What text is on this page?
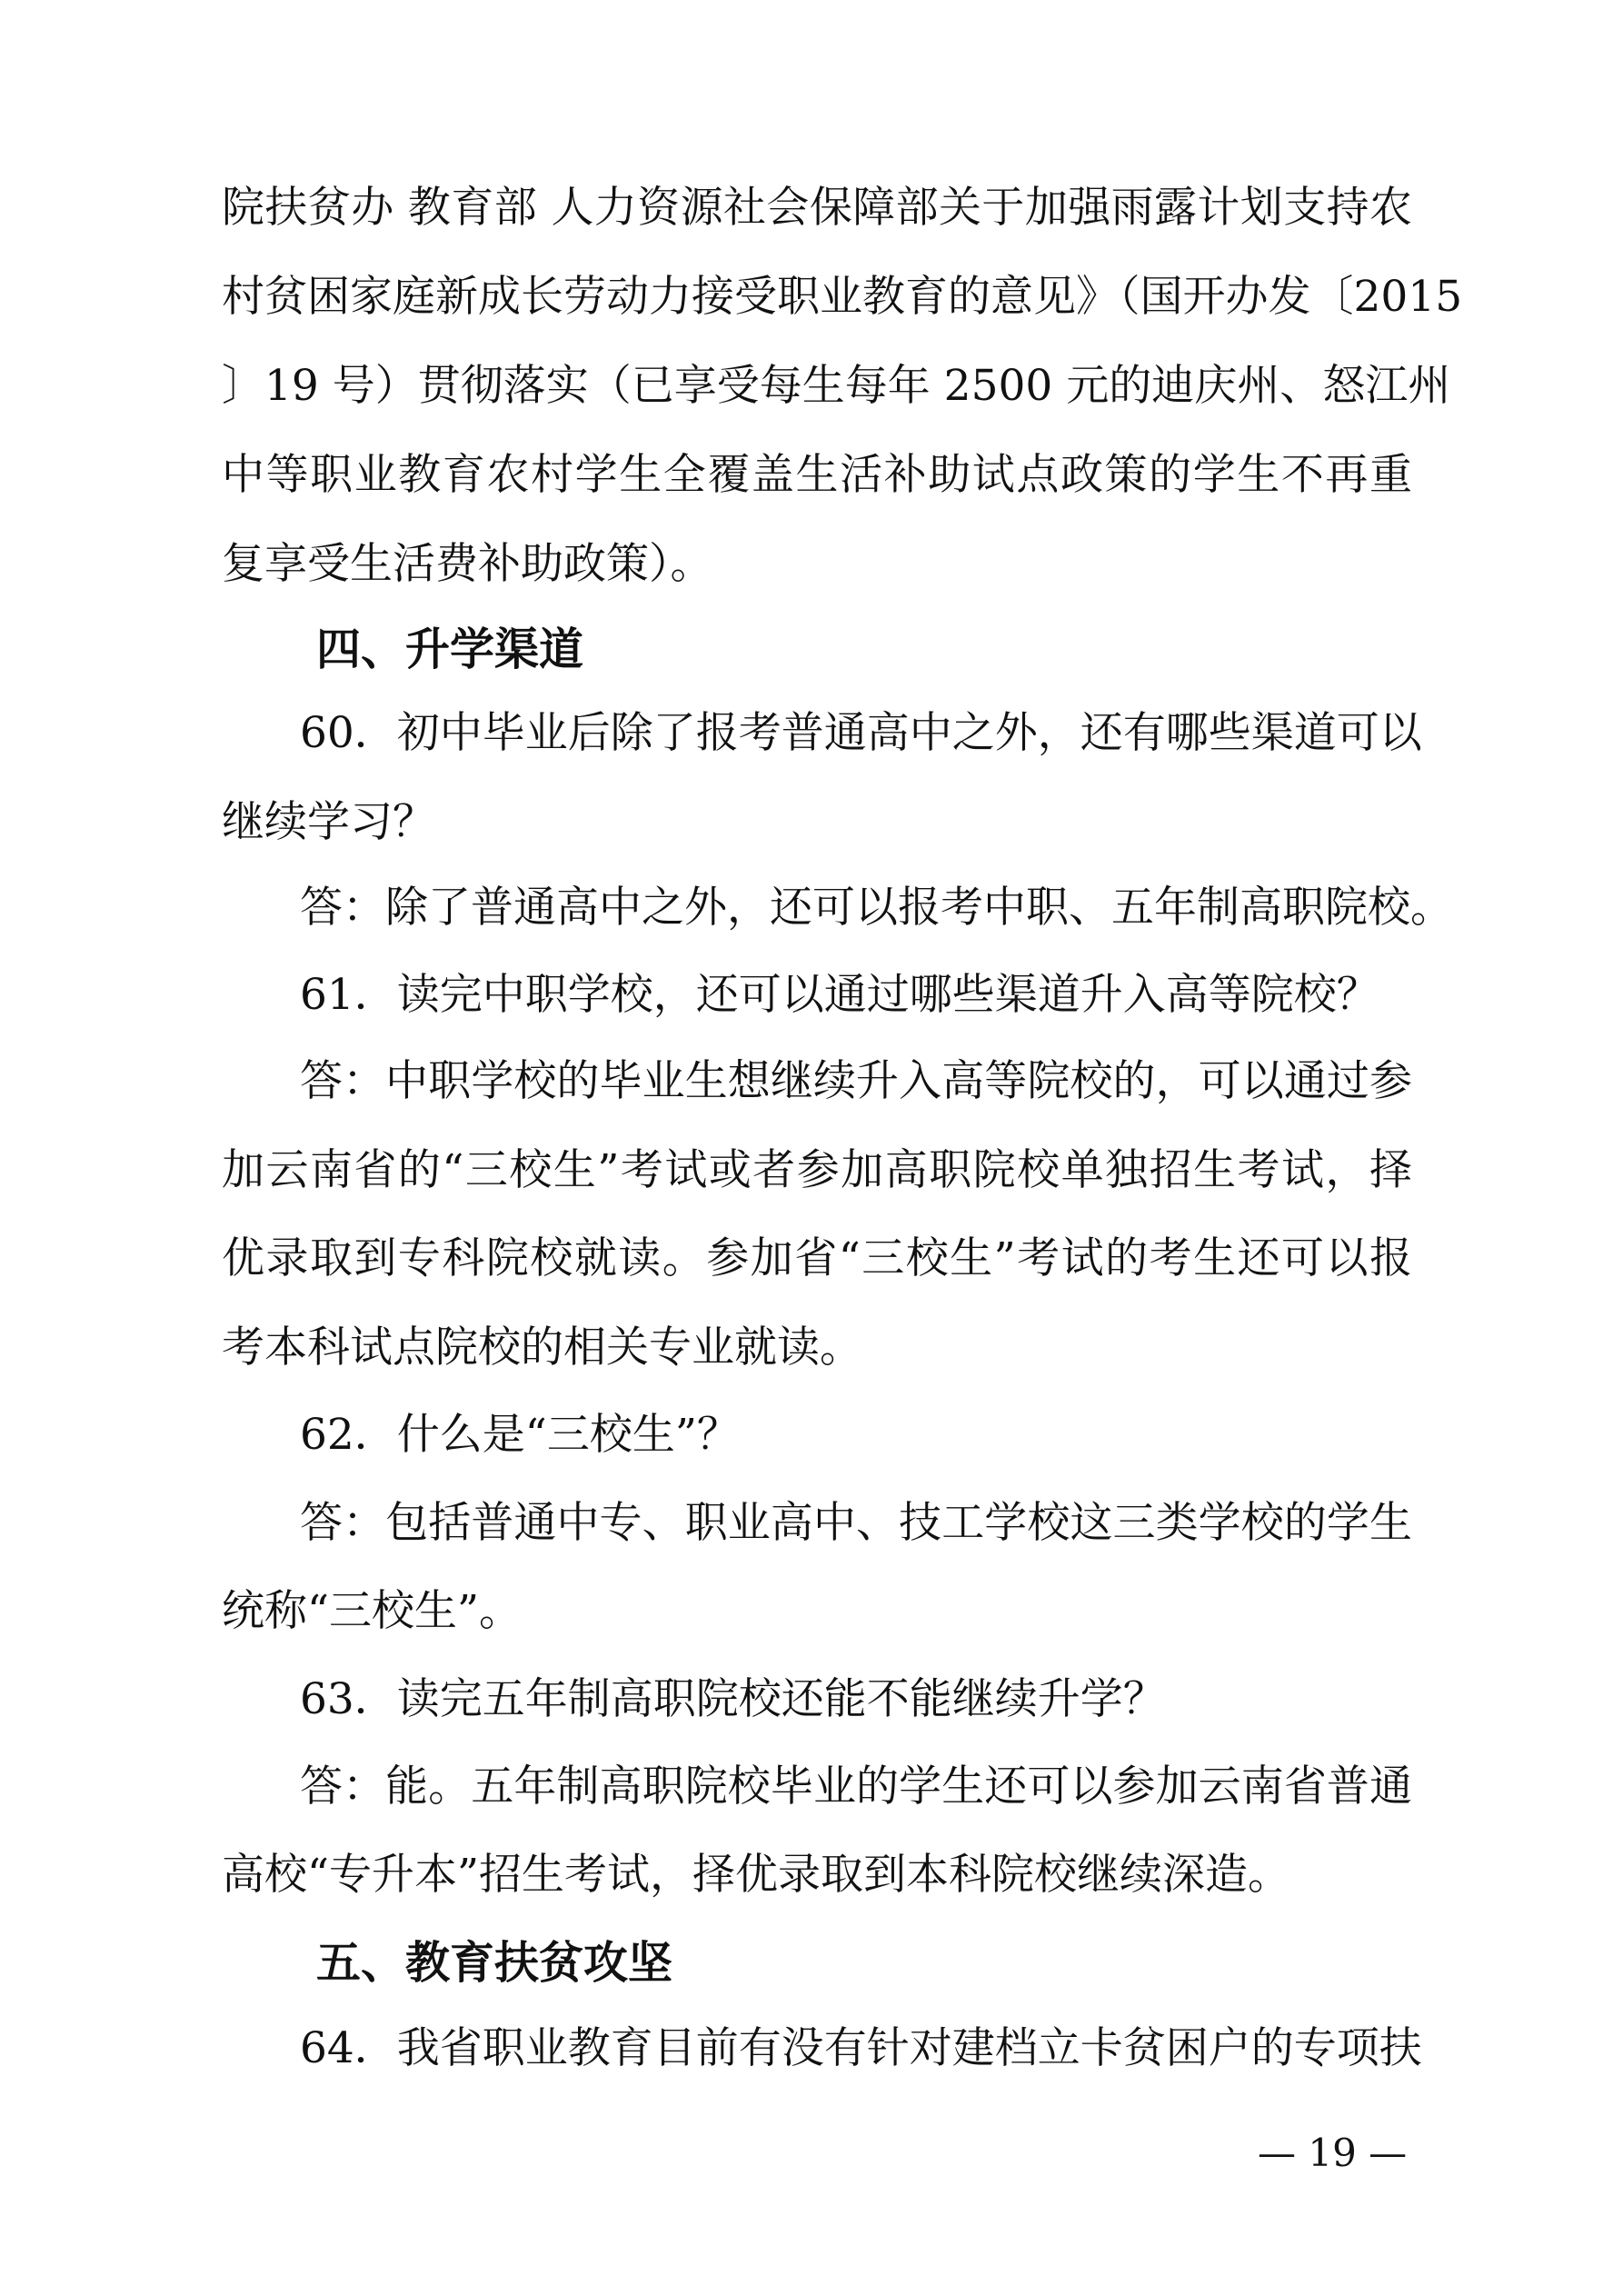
院扶贫办 教育部 人力资源社会保障部关于加强雨露计划支持农
村贫困家庭新成长劳动力接受职业教育的意见》（国开办发〔2015
〕19 号）贯彻落实（已享受每生每年 2500 元的迪庆州、怒江州
中等职业教育农村学生全覆盖生活补助试点政策的学生不再重
复享受生活费补助政策）。
四、升学渠道
60．初中毕业后除了报考普通高中之外，还有哪些渠道可以
继续学习？
答：除了普通高中之外，还可以报考中职、五年制高职院校。
61．读完中职学校，还可以通过哪些渠道升入高等院校？
答：中职学校的毕业生想继续升入高等院校的，可以通过参
加云南省的“三校生”考试或者参加高职院校单独招生考试，择
优录取到专科院校就读。参加省“三校生”考试的考生还可以报
考本科试点院校的相关专业就读。
62．什么是“三校生”？
答：包括普通中专、职业高中、技工学校这三类学校的学生
统称“三校生”。
63．读完五年制高职院校还能不能继续升学？
答：能。五年制高职院校毕业的学生还可以参加云南省普通
高校“专升本”招生考试，择优录取到本科院校继续深造。
五、教育扶贫攻坚
64．我省职业教育目前有没有针对建档立卡贫困户的专项扶
— 19 —
